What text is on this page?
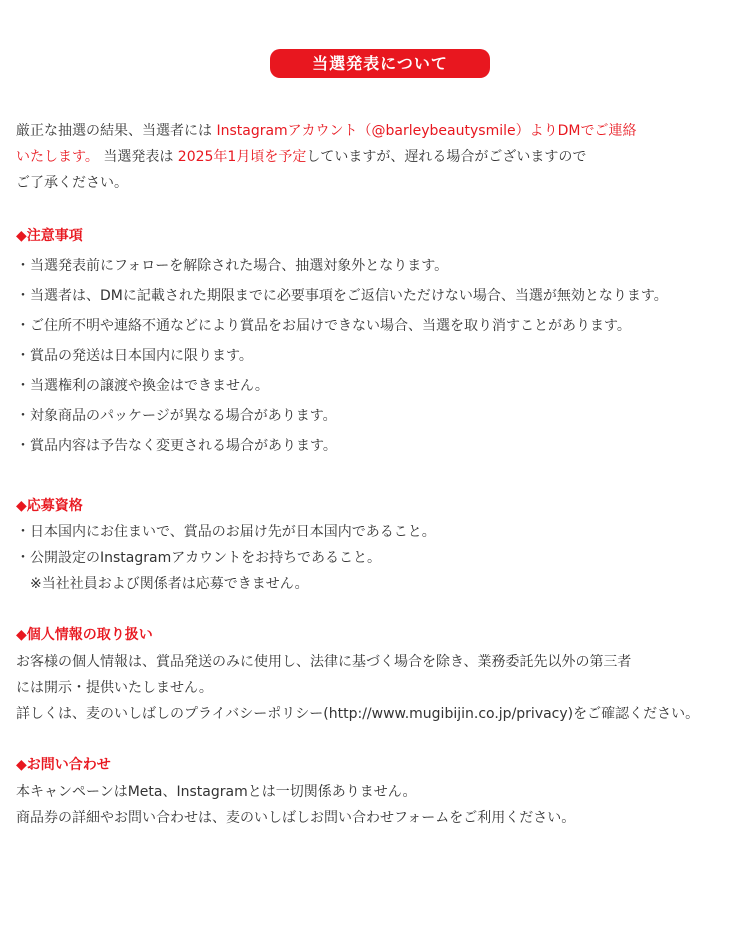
当選発表について
厳正な抽選の結果、当選者には Instagramアカウント（@barleybeautysmile）よりDMでご連絡
いたします。 当選発表は 2025年1月頃を予定していますが、遅れる場合がございますので
ご了承ください。
◆注意事項
・当選発表前にフォローを解除された場合、抽選対象外となります。
・当選者は、DMに記載された期限までに必要事項をご返信いただけない場合、当選が無効となります。
・ご住所不明や連絡不通などにより賞品をお届けできない場合、当選を取り消すことがあります。
・賞品の発送は日本国内に限ります。
・当選権利の譲渡や換金はできません。
・対象商品のパッケージが異なる場合があります。
・賞品内容は予告なく変更される場合があります。
◆応募資格
・日本国内にお住まいで、賞品のお届け先が日本国内であること。
・公開設定のInstagramアカウントをお持ちであること。
※当社社員および関係者は応募できません。
◆個人情報の取り扱い
お客様の個人情報は、賞品発送のみに使用し、法律に基づく場合を除き、業務委託先以外の第三者
には開示・提供いたしません。
詳しくは、麦のいしばしのプライバシーポリシー(http://www.mugibijin.co.jp/privacy)をご確認ください。
◆お問い合わせ
本キャンペーンはMeta、Instagramとは一切関係ありません。
商品券の詳細やお問い合わせは、麦のいしばしお問い合わせフォームをご利用ください。
